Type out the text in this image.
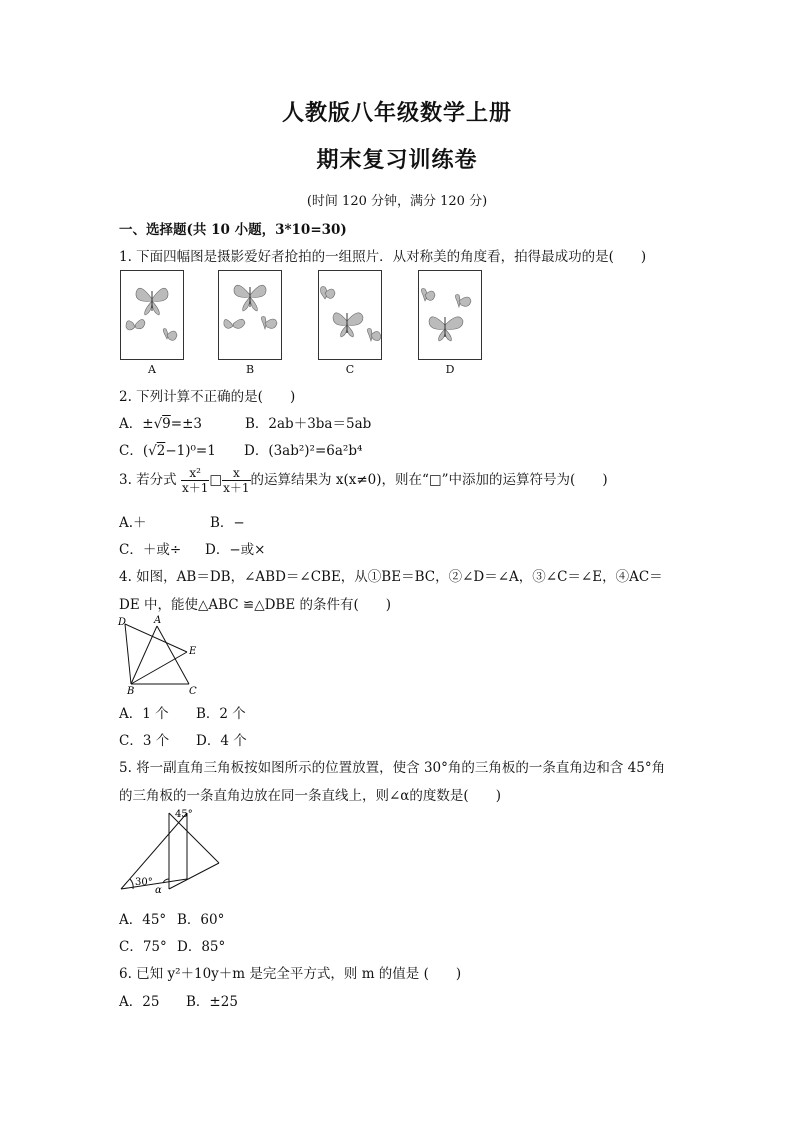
人教版八年级数学上册
期末复习训练卷
(时间 120 分钟，满分 120 分)
一、选择题(共 10 小题，3*10=30)
1. 下面四幅图是摄影爱好者抢拍的一组照片．从对称美的角度看，拍得最成功的是(　　)
A	B	C	D
2. 下列计算不正确的是(　　)
A．±√9=±3	B．2ab＋3ba＝5ab
C．(√2−1)⁰=1 D．(3ab²)²=6a²b⁴
3. 若分式 $\frac{\text{x²}}{x+1}$ □ $\frac{x}{x+1}$ 的运算结果为 x(x≠0)，则在“□”中添加的运算符号为(　　)
A.＋	B．−
C．＋或÷ D．−或×
4. 如图，AB＝DB，∠ABD＝∠CBE，从①BE＝BC，②∠D＝∠A，③∠C＝∠E，④AC＝
DE 中，能使△ABC ≌△DBE 的条件有(　　)
D	A
E
B	C
A．1 个 B．2 个
C．3 个 D．4 个
5. 将一副直角三角板按如图所示的位置放置，使含 30°角的三角板的一条直角边和含 45°角
的三角板的一条直角边放在同一条直线上，则∠α的度数是(　　)
45°
30°
α
A．45° B．60°
C．75° D．85°
6. 已知 y²＋10y＋m 是完全平方式，则 m 的值是 (　　)
A．25 B．±25
